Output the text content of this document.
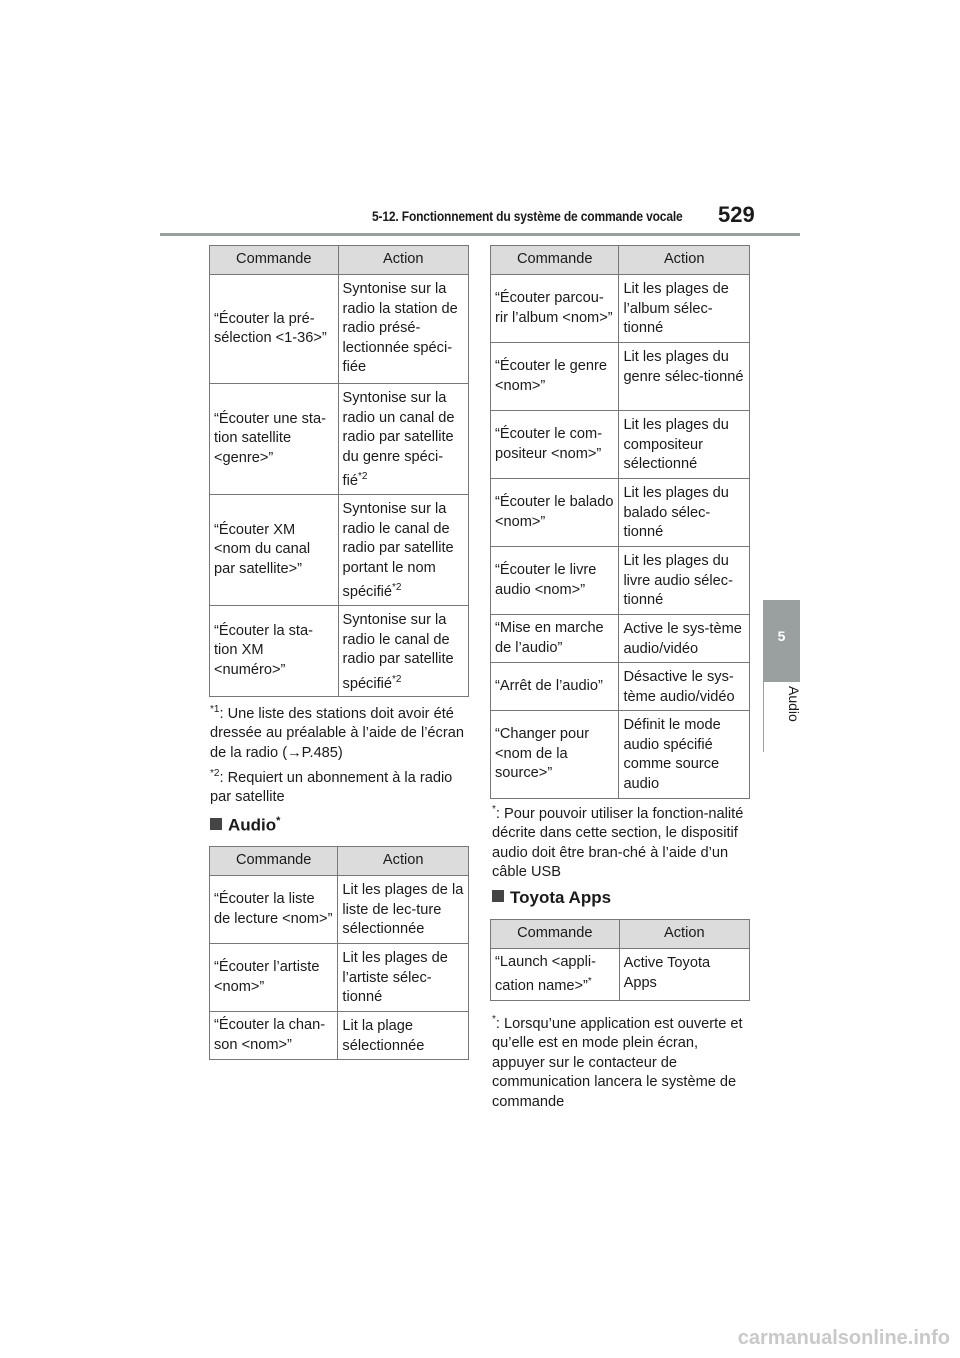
5-12. Fonctionnement du système de commande vocale 529
5
Audio
Commande	Action
“Écouter la pré-sélection <1-36>”	Syntonise sur la radio la station de radio présé-lectionnée spéci-fiée
“Écouter une sta-tion satellite <genre>”	Syntonise sur la radio un canal de radio par satellite du genre spéci-fié$^{*2}$
“Écouter XM <nom du canal par satellite>”	Syntonise sur la radio le canal de radio par satellite portant le nom spécifié$^{*2}$
“Écouter la sta-tion XM <numéro>”	Syntonise sur la radio le canal de radio par satellite spécifié$^{*2}$
$^{*1}$: Une liste des stations doit avoir été dressée au préalable à l’aide de l’écran de la radio (→P.485)
$^{*2}$: Requiert un abonnement à la radio par satellite
Audio*
Commande	Action
“Écouter la liste de lecture <nom>”	Lit les plages de la liste de lec-ture sélectionnée
“Écouter l’artiste <nom>”	Lit les plages de l’artiste sélec-tionné
“Écouter la chan-son <nom>”	Lit la plage sélectionnée
Commande	Action
“Écouter parcou-rir l’album <nom>”	Lit les plages de l’album sélec-tionné
“Écouter le genre <nom>”	Lit les plages du genre sélec-tionné
“Écouter le com-positeur <nom>”	Lit les plages du compositeur sélectionné
“Écouter le balado <nom>”	Lit les plages du balado sélec-tionné
“Écouter le livre audio <nom>”	Lit les plages du livre audio sélec-tionné
“Mise en marche de l’audio”	Active le sys-tème audio/vidéo
“Arrêt de l’audio”	Désactive le sys-tème audio/vidéo
“Changer pour <nom de la source>”	Définit le mode audio spécifié comme source audio
*: Pour pouvoir utiliser la fonction-nalité décrite dans cette section, le dispositif audio doit être bran-ché à l’aide d’un câble USB
Toyota Apps
Commande	Action
“Launch <appli-cation name>”*	Active Toyota Apps
*: Lorsqu’une application est ouverte et qu’elle est en mode plein écran, appuyer sur le contacteur de communication lancera le système de commande
carmanualsonline.info
